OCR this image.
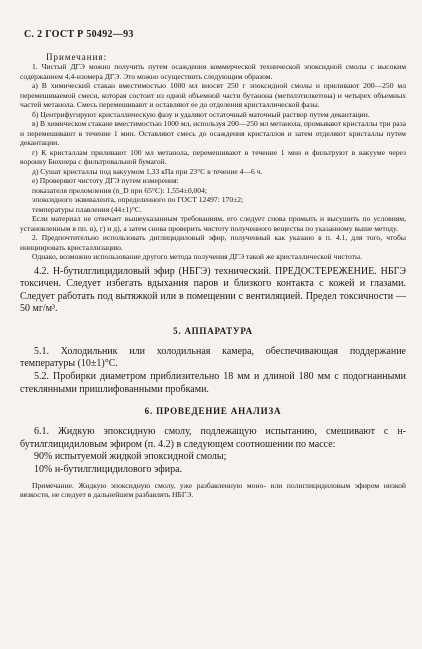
С. 2 ГОСТ Р 50492—93
Примечания:

1. Чистый ДГЭ можно получить путем осаждения коммерческой технической эпоксидной смолы с высоким содержанием 4,4-изомера ДГЭ. Это можно осуществить следующим образом.

а) В химический стакан вместимостью 1000 мл вносят 250 г эпоксидной смолы и приливают 200—250 мл перемешиваемой смеси, которая состоит из одной объемной части бутанона (метилэтилкетона) и четырех объемных частей метанола. Смесь перемешивают и оставляют ее до отделения кристаллической фазы.

б) Центрифугируют кристаллическую фазу и удаляют остаточный маточный раствор путем декантации.

в) В химическом стакане вместимостью 1000 мл, используя 200—250 мл метанола, промывают кристаллы три раза и перемешивают в течение 1 мин. Оставляют смесь до осаждения кристаллов и затем отделяют кристаллы путем декантации.

г) К кристаллам приливают 100 мл метанола, перемешивают в течение 1 мин и фильтруют в вакууме через воронку Бюхнера с фильтровальной бумагой.

д) Сушат кристаллы под вакуумом 1,33 кПа при 23°С в течение 4—6 ч.

е) Проверяют чистоту ДГЭ путем измерения:

показателя преломления (n_D при 65°С): 1,554±0,004;

эпоксидного эквивалента, определенного по ГОСТ 12497: 170±2;

температуры плавления (44±1)°С.

Если материал не отвечает вышеуказанным требованиям, его следует снова промыть и высушить по условиям, установленным в пп. в), г) и д), а затем снова проверить чистоту полученного вещества по указанному выше методу.

2. Предпочтительно использовать диглицидиловый эфир, полученный как указано в п. 4.1, для того, чтобы инициировать кристаллизацию.

Однако, возможно использование другого метода получения ДГЭ такой же кристаллической чистоты.

4.2. Н-бутилглицидиловый эфир (НБГЭ) технический. ПРЕДОСТЕРЕЖЕНИЕ. НБГЭ токсичен. Следует избегать вдыхания паров и близкого контакта с кожей и глазами. Следует работать под вытяжкой или в помещении с вентиляцией. Предел токсичности — 50 мг/м³.

5. АППАРАТУРА

5.1. Холодильник или холодильная камера, обеспечивающая поддержание температуры (10±1)°С.

5.2. Пробирки диаметром приблизительно 18 мм и длиной 180 мм с подогнанными стеклянными пришлифованными пробками.

6. ПРОВЕДЕНИЕ АНАЛИЗА

6.1. Жидкую эпоксидную смолу, подлежащую испытанию, смешивают с н-бутилглицидиловым эфиром (п. 4.2) в следующем соотношении по массе:

90% испытуемой жидкой эпоксидной смолы;

10% н-бутилглицидилового эфира.

Примечание. Жидкую эпоксидную смолу, уже разбавленную моно- или полиглицидиловым эфиром низкой вязкости, не следует в дальнейшем разбавлять НБГЭ.
